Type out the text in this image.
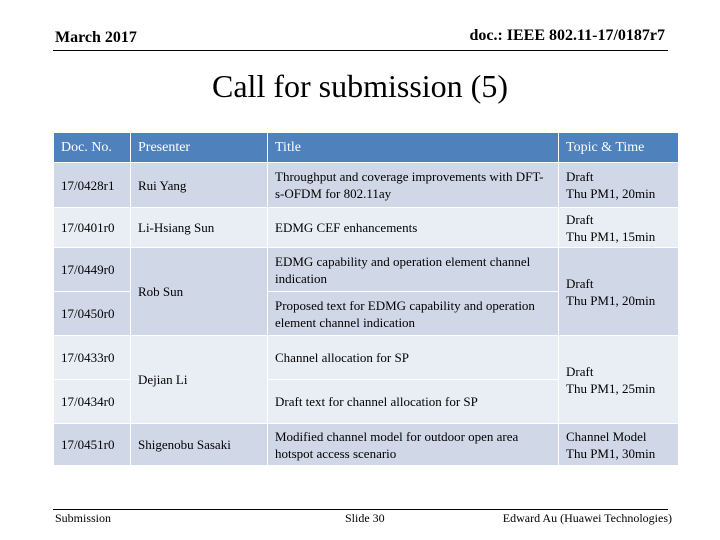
March 2017	doc.: IEEE 802.11-17/0187r7
Call for submission (5)
Doc. No.	Presenter	Title	Topic & Time
17/0428r1	Rui Yang	Throughput and coverage improvements with DFT-s-OFDM for 802.11ay	Draft
Thu PM1, 20min

17/0401r0	Li-Hsiang Sun	EDMG CEF enhancements	Draft
Thu PM1, 15min

17/0449r0	Rob Sun	EDMG capability and operation element channel indication	Draft
Thu PM1, 20min

17/0450r0		Proposed text for EDMG capability and operation element channel indication	
17/0433r0	Dejian Li	Channel allocation for SP	Draft
Thu PM1, 25min

17/0434r0		Draft text for channel allocation for SP	
17/0451r0	Shigenobu Sasaki	Modified channel model for outdoor open area hotspot access scenario	Channel Model
Thu PM1, 30min
Submission	Slide 30	Edward Au (Huawei Technologies)
